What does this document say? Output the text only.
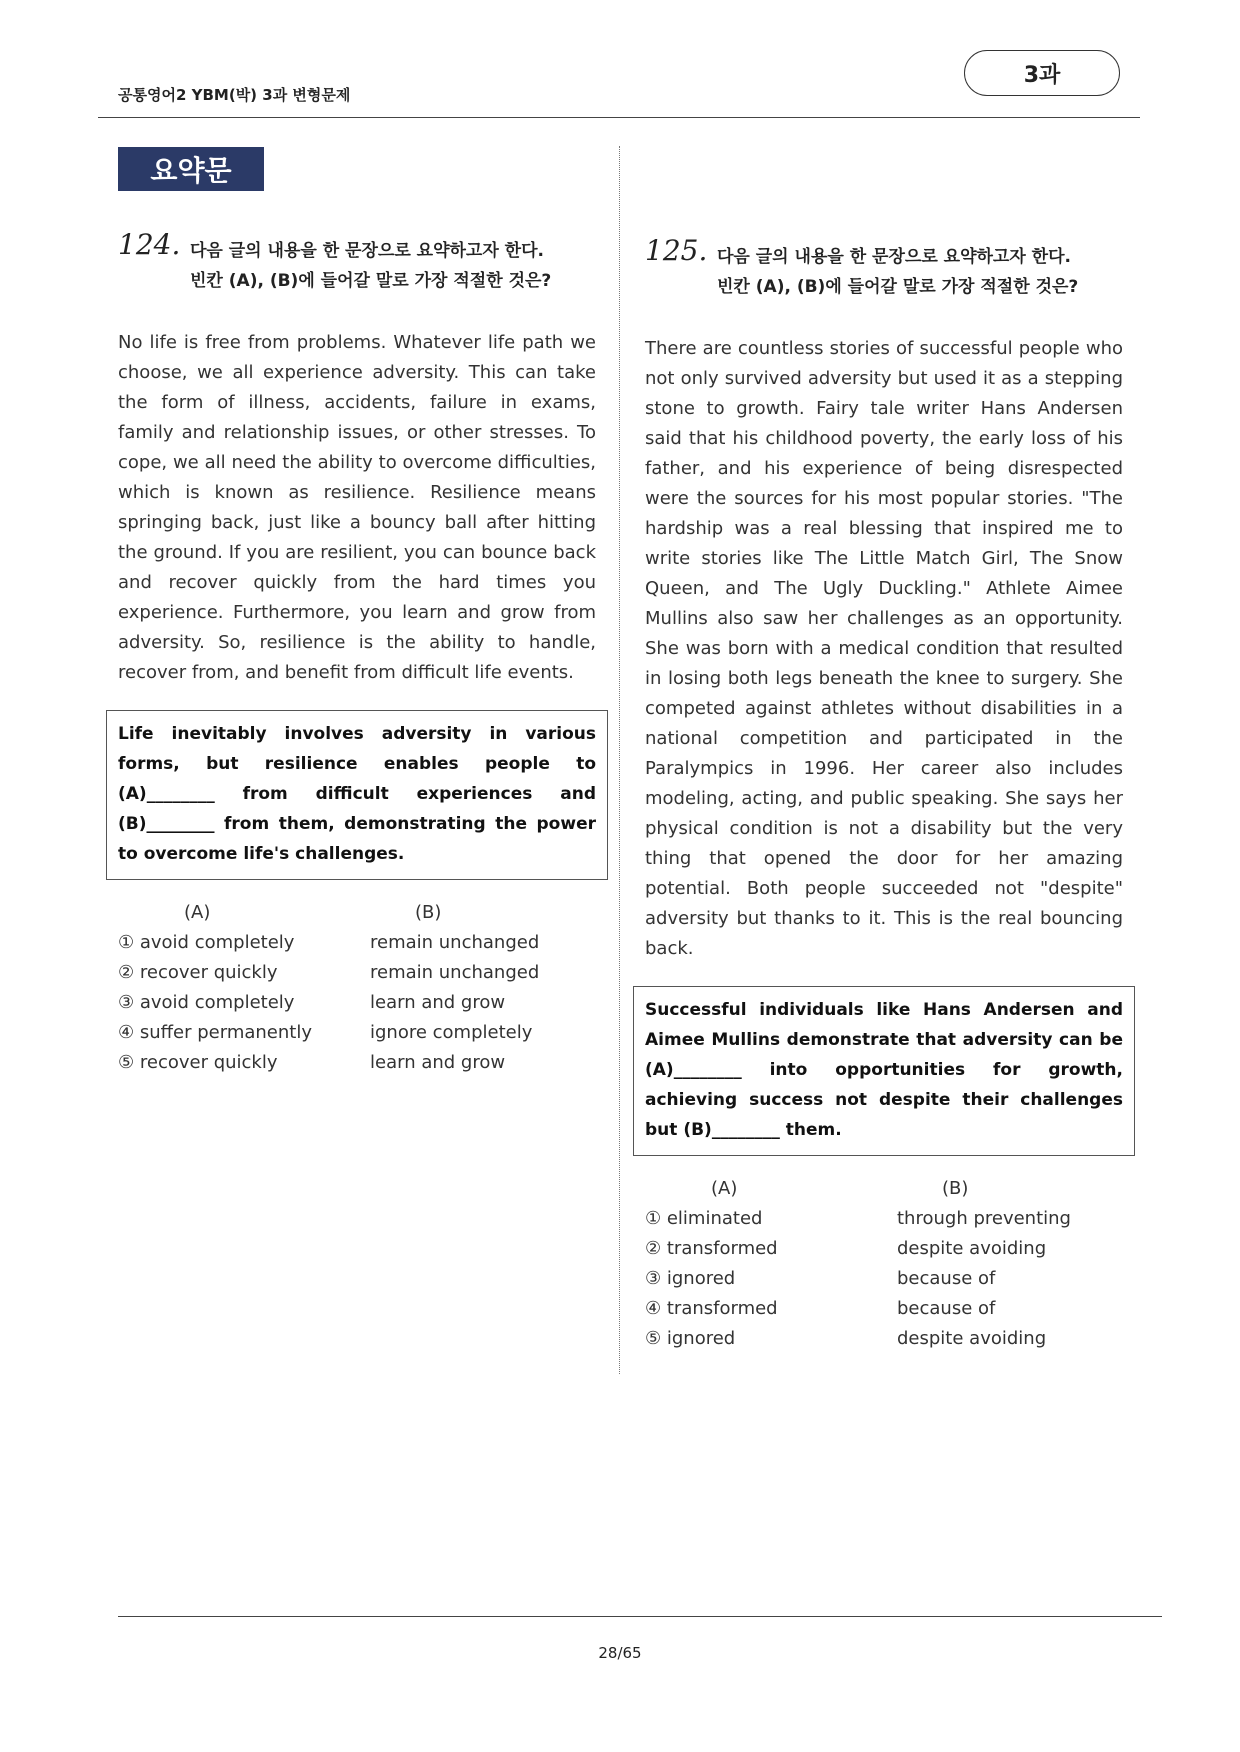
공통영어2 YBM(박) 3과 변형문제
3과
요약문
124. 다음 글의 내용을 한 문장으로 요약하고자 한다.
빈칸 (A), (B)에 들어갈 말로 가장 적절한 것은?
No life is free from problems. Whatever life path we choose, we all experience adversity. This can take the form of illness, accidents, failure in exams, family and relationship issues, or other stresses. To cope, we all need the ability to overcome difficulties, which is known as resilience. Resilience means springing back, just like a bouncy ball after hitting the ground. If you are resilient, you can bounce back and recover quickly from the hard times you experience. Furthermore, you learn and grow from adversity. So, resilience is the ability to handle, recover from, and benefit from difficult life events.
Life inevitably involves adversity in various forms, but resilience enables people to (A)________ from difficult experiences and (B)________ from them, demonstrating the power to overcome life's challenges.
(A)	(B)
① avoid completely	remain unchanged
② recover quickly	remain unchanged
③ avoid completely	learn and grow
④ suffer permanently	ignore completely
⑤ recover quickly	learn and grow
125. 다음 글의 내용을 한 문장으로 요약하고자 한다.
빈칸 (A), (B)에 들어갈 말로 가장 적절한 것은?
There are countless stories of successful people who not only survived adversity but used it as a stepping stone to growth. Fairy tale writer Hans Andersen said that his childhood poverty, the early loss of his father, and his experience of being disrespected were the sources for his most popular stories. "The hardship was a real blessing that inspired me to write stories like The Little Match Girl, The Snow Queen, and The Ugly Duckling." Athlete Aimee Mullins also saw her challenges as an opportunity. She was born with a medical condition that resulted in losing both legs beneath the knee to surgery. She competed against athletes without disabilities in a national competition and participated in the Paralympics in 1996. Her career also includes modeling, acting, and public speaking. She says her physical condition is not a disability but the very thing that opened the door for her amazing potential. Both people succeeded not "despite" adversity but thanks to it. This is the real bouncing back.
Successful individuals like Hans Andersen and Aimee Mullins demonstrate that adversity can be (A)________ into opportunities for growth, achieving success not despite their challenges but (B)________ them.
(A)	(B)
① eliminated	through preventing
② transformed	despite avoiding
③ ignored	because of
④ transformed	because of
⑤ ignored	despite avoiding
28/65
